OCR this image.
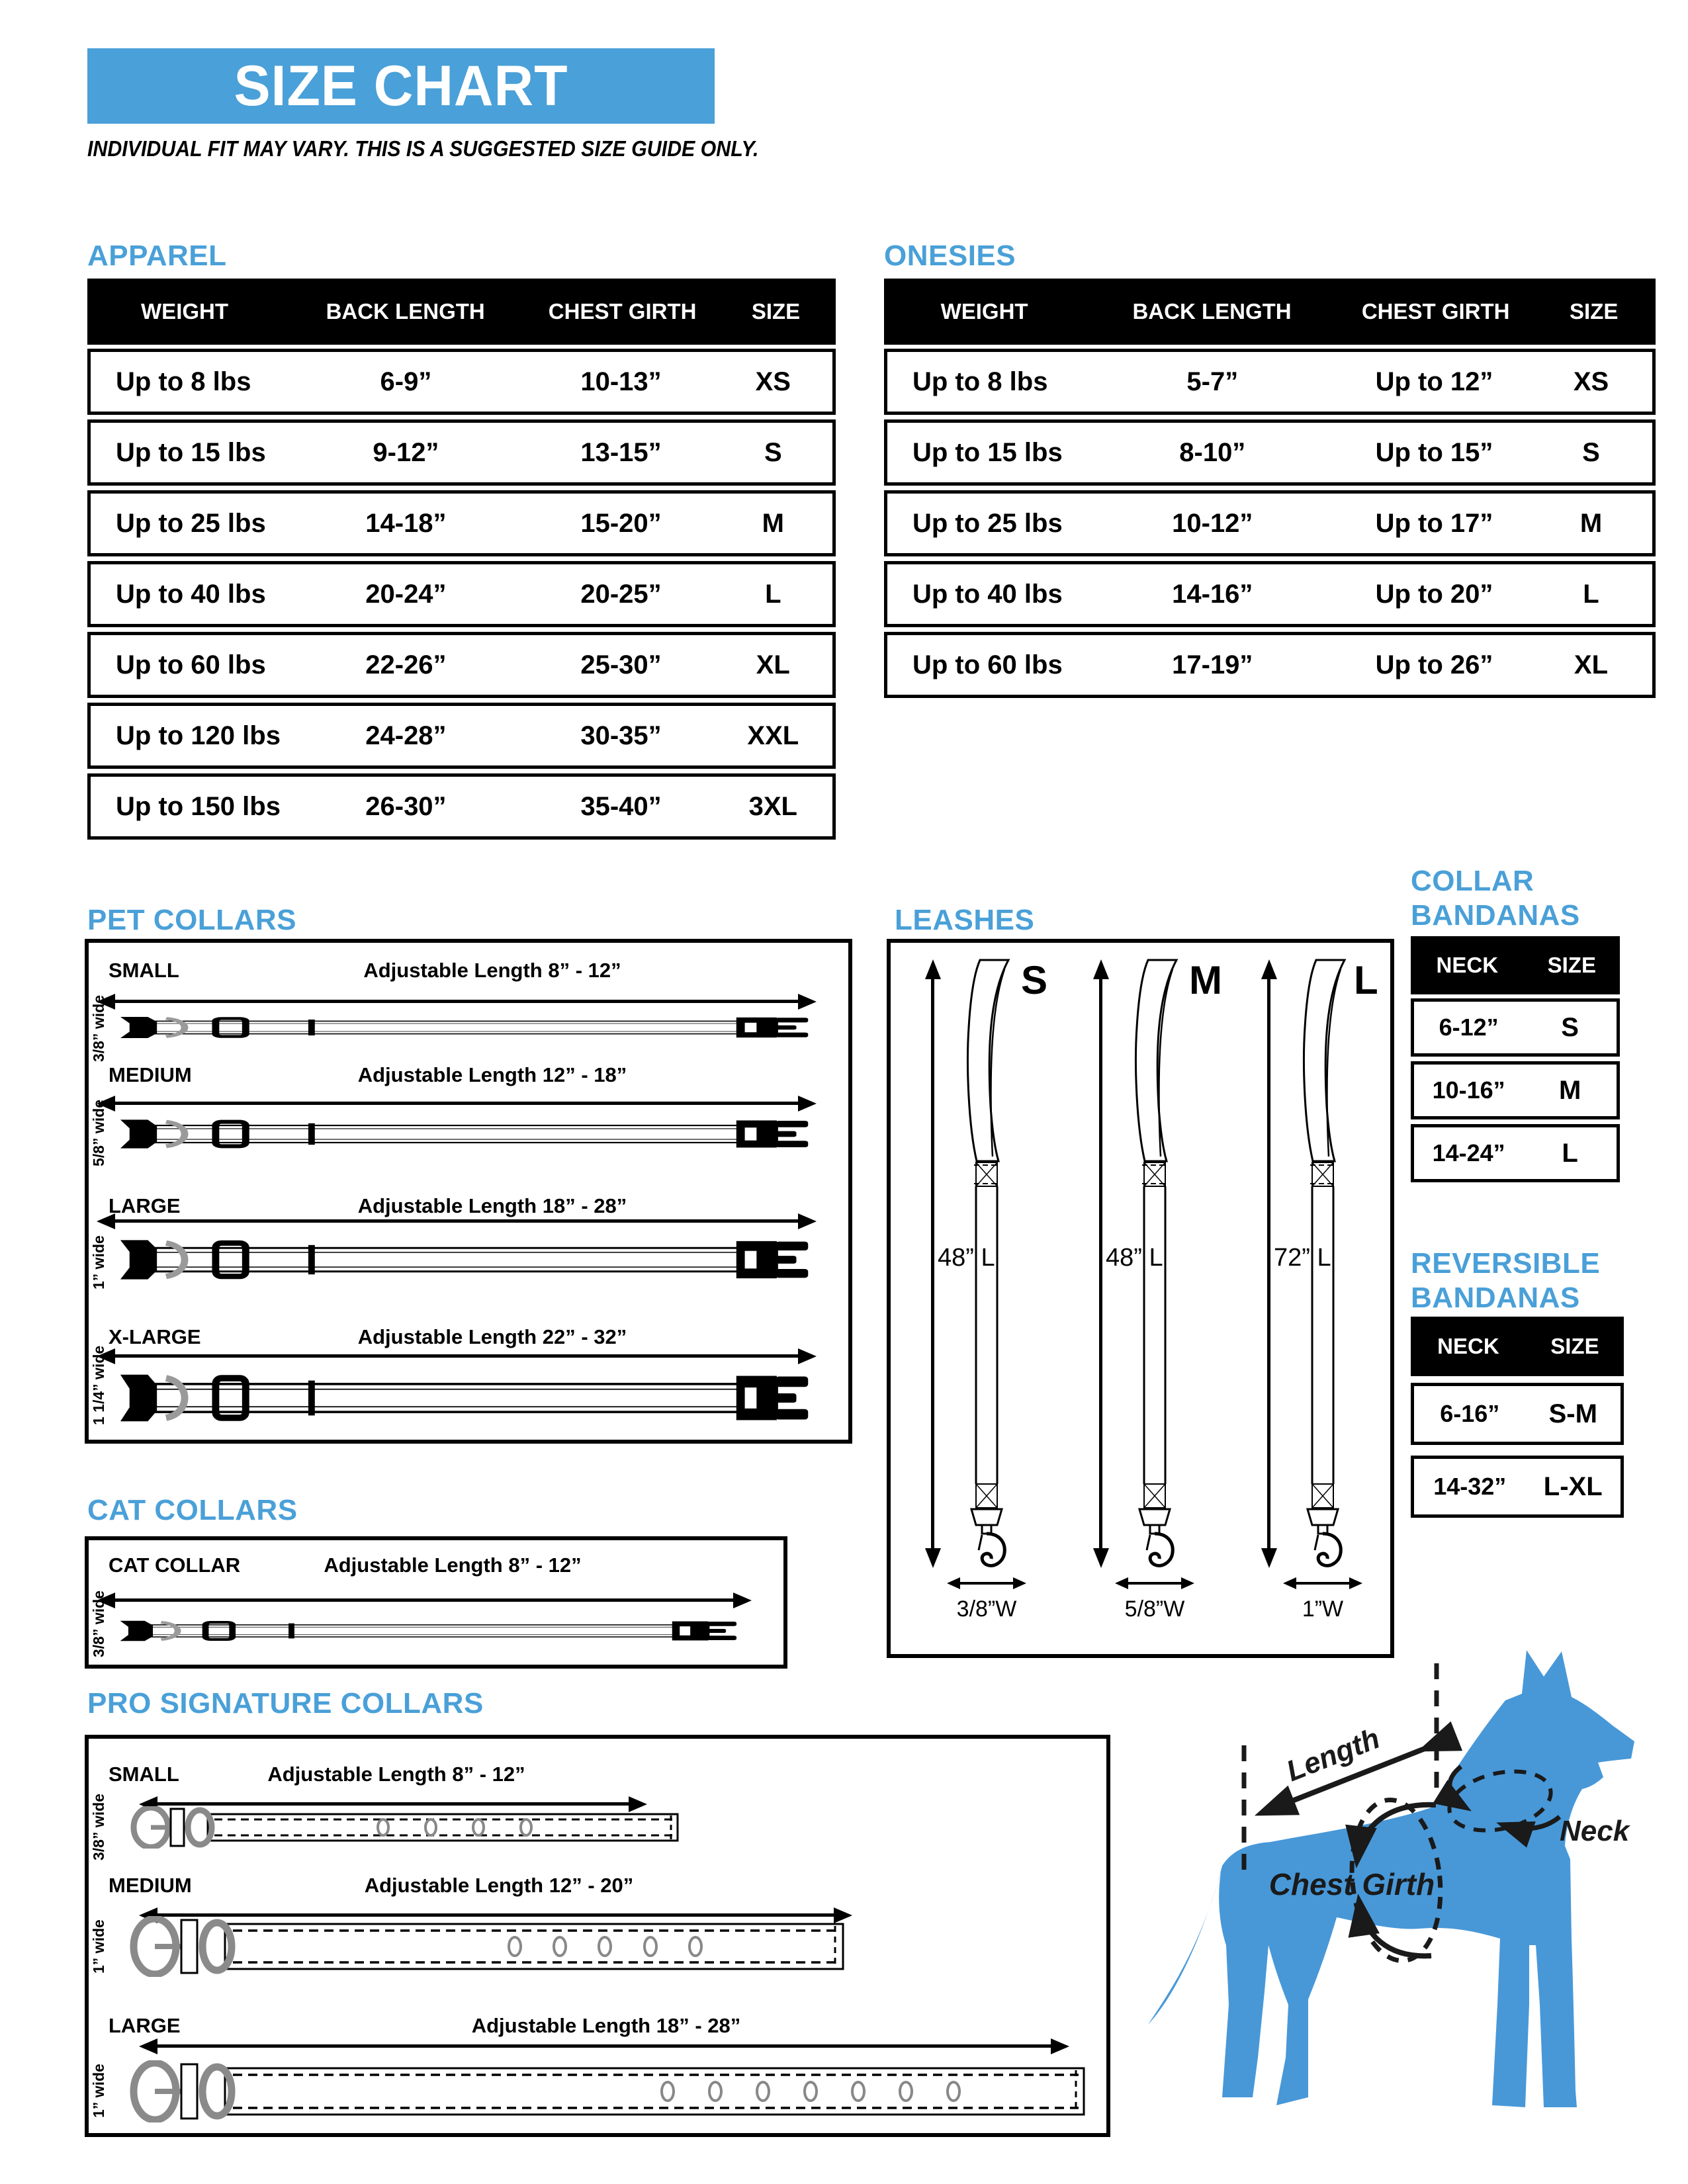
SIZE CHART
INDIVIDUAL FIT MAY VARY. THIS IS A SUGGESTED SIZE GUIDE ONLY.
APPAREL
WEIGHT	BACK LENGTH	CHEST GIRTH	SIZE
Up to 8 lbs	6-9”	10-13”	XS
Up to 15 lbs	9-12”	13-15”	S
Up to 25 lbs	14-18”	15-20”	M
Up to 40 lbs	20-24”	20-25”	L
Up to 60 lbs	22-26”	25-30”	XL
Up to 120 lbs	24-28”	30-35”	XXL
Up to 150 lbs	26-30”	35-40”	3XL
ONESIES
WEIGHT	BACK LENGTH	CHEST GIRTH	SIZE
Up to 8 lbs	5-7”	Up to 12”	XS
Up to 15 lbs	8-10”	Up to 15”	S
Up to 25 lbs	10-12”	Up to 17”	M
Up to 40 lbs	14-16”	Up to 20”	L
Up to 60 lbs	17-19”	Up to 26”	XL
PET COLLARS
SMALL	Adjustable Length 8” - 12”
3/8” wide
MEDIUM	Adjustable Length 12” - 18”
5/8” wide
LARGE	Adjustable Length 18” - 28”
1” wide
X-LARGE	Adjustable Length 22” - 32”
1 1/4” wide
CAT COLLARS
CAT COLLAR	Adjustable Length 8” - 12”
3/8” wide
LEASHES
S
48” L
3/8”W
M
48” L
5/8”W
L
72” L
1”W
COLLAR
BANDANAS
NECK	SIZE
6-12”	S
10-16”	M
14-24”	L
REVERSIBLE
BANDANAS
NECK	SIZE
6-16”	S-M
14-32”	L-XL
PRO SIGNATURE COLLARS
SMALL	Adjustable Length 8” - 12”
3/8” wide
MEDIUM	Adjustable Length 12” - 20”
1” wide
LARGE	Adjustable Length 18” - 28”
1” wide
Length
Neck
Chest Girth
